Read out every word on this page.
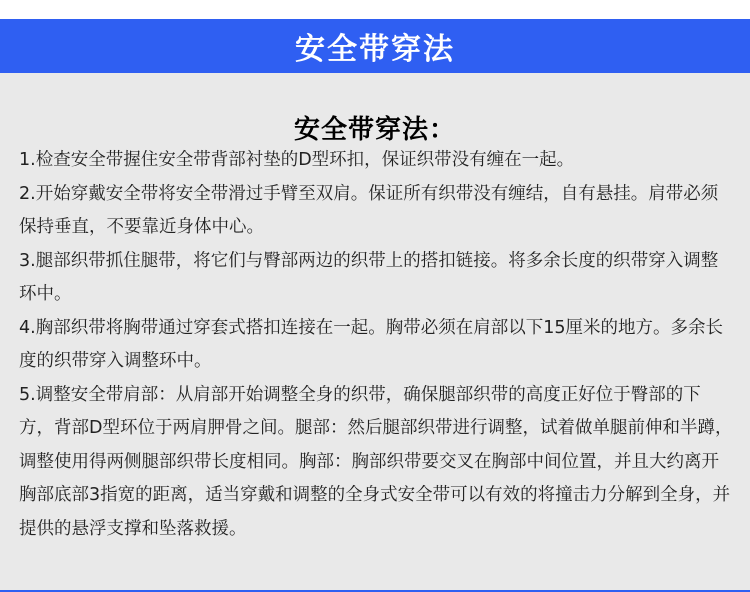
安全带穿法
安全带穿法：

1.检查安全带握住安全带背部衬垫的D型环扣，保证织带没有缠在一起。

2.开始穿戴安全带将安全带滑过手臂至双肩。保证所有织带没有缠结，自有悬挂。肩带必须保持垂直，不要靠近身体中心。

3.腿部织带抓住腿带，将它们与臀部两边的织带上的搭扣链接。将多余长度的织带穿入调整环中。

4.胸部织带将胸带通过穿套式搭扣连接在一起。胸带必须在肩部以下15厘米的地方。多余长度的织带穿入调整环中。

5.调整安全带肩部：从肩部开始调整全身的织带，确保腿部织带的高度正好位于臀部的下方，背部D型环位于两肩胛骨之间。腿部：然后腿部织带进行调整，试着做单腿前伸和半蹲，调整使用得两侧腿部织带长度相同。胸部：胸部织带要交叉在胸部中间位置，并且大约离开胸部底部3指宽的距离，适当穿戴和调整的全身式安全带可以有效的将撞击力分解到全身，并提供的悬浮支撑和坠落救援。
